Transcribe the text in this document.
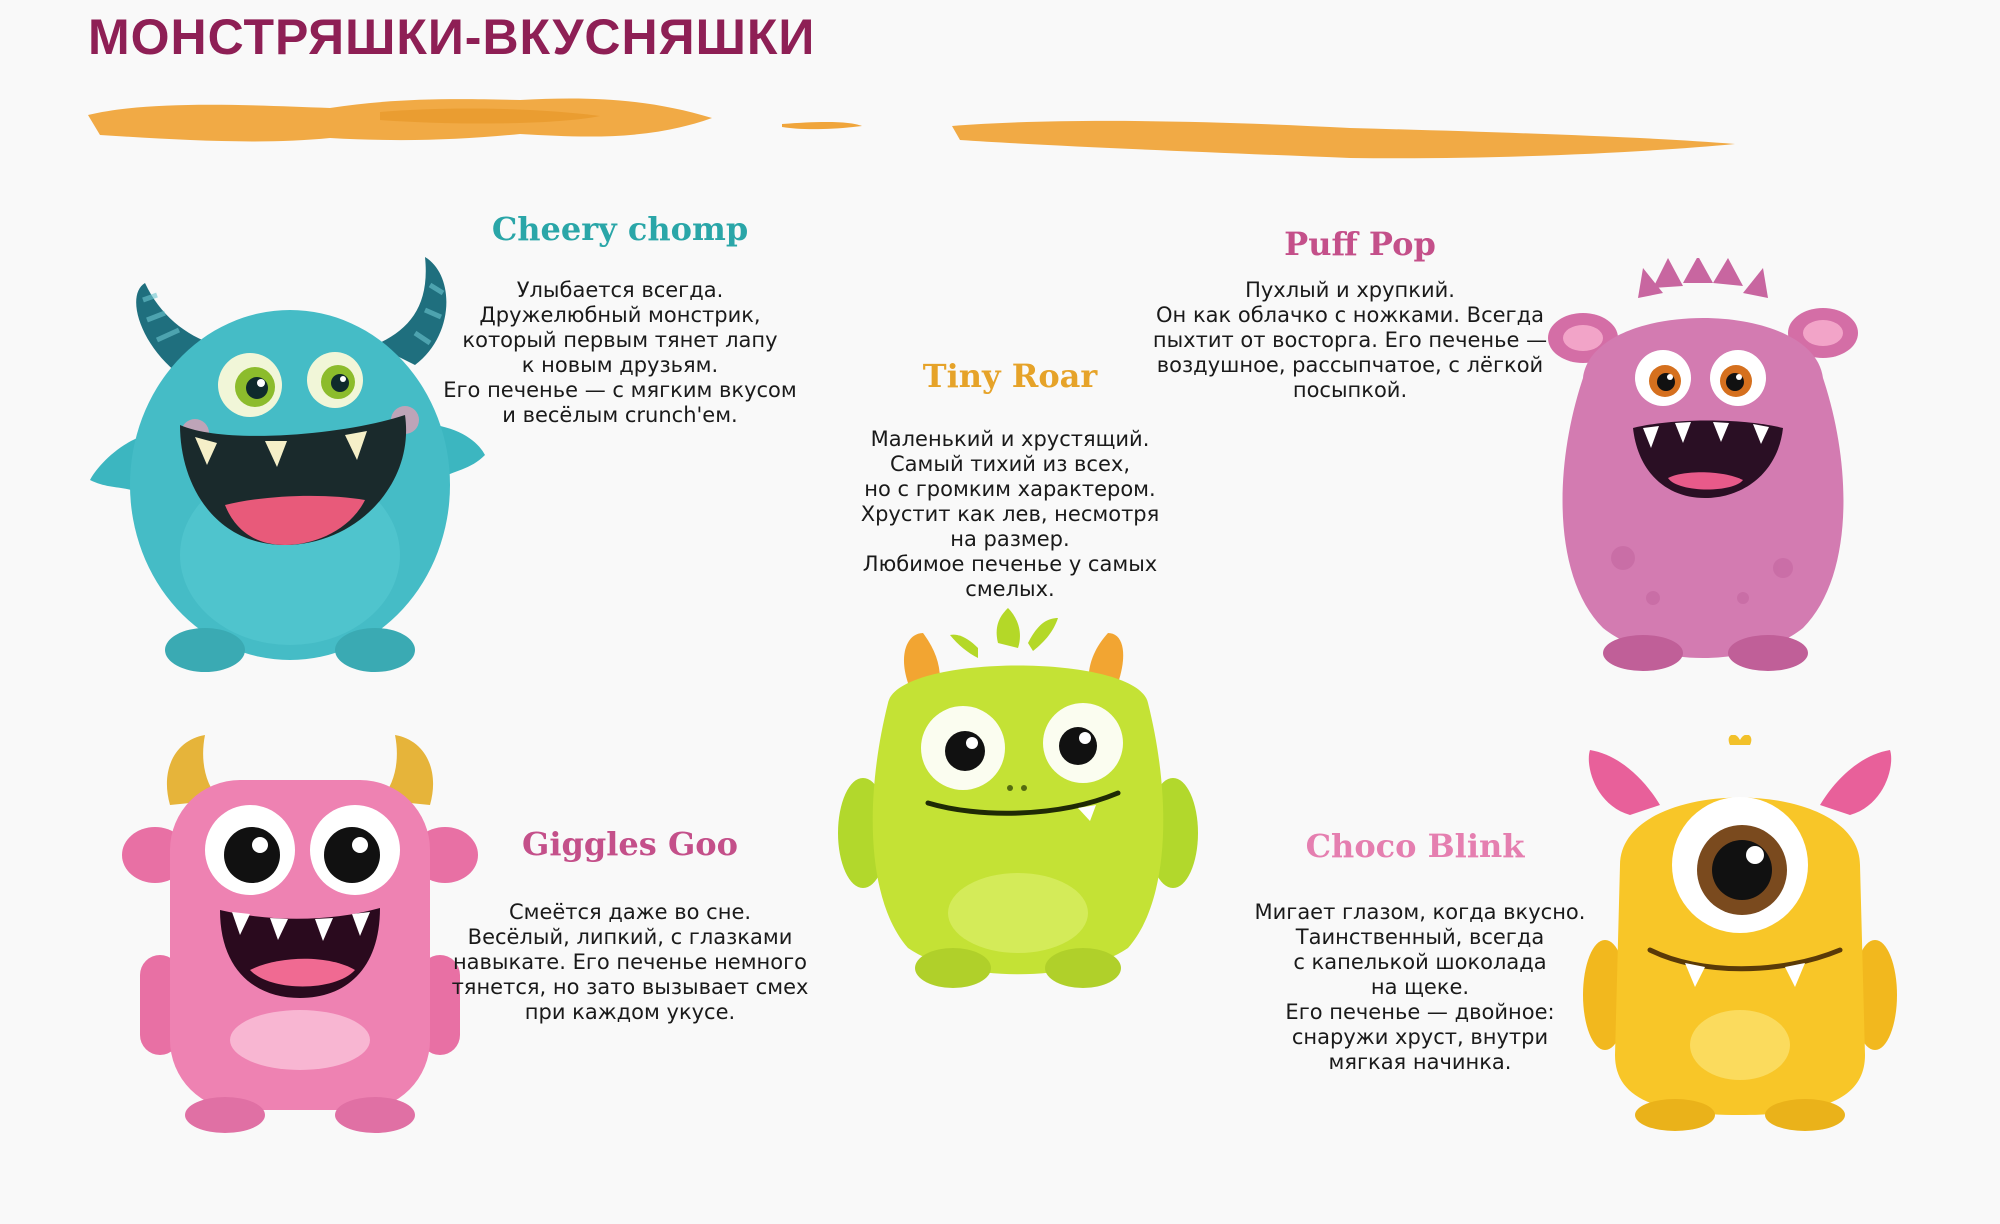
МОНСТРЯШКИ-ВКУСНЯШКИ
Cheery chomp
Улыбается всегда.
Дружелюбный монстрик,
который первым тянет лапу
к новым друзьям.
Его печенье — с мягким вкусом
и весёлым crunch'ем.
Tiny Roar
Маленький и хрустящий.
Самый тихий из всех,
но с громким характером.
Хрустит как лев, несмотря
на размер.
Любимое печенье у самых
смелых.
Puff Pop
Пухлый и хрупкий.
Он как облачко с ножками. Всегда
пыхтит от восторга. Его печенье —
воздушное, рассыпчатое, с лёгкой
посыпкой.
Giggles Goo
Смеётся даже во сне.
Весёлый, липкий, с глазками
навыкате. Его печенье немного
тянется, но зато вызывает смех
при каждом укусе.
Choco Blink
Мигает глазом, когда вкусно.
Таинственный, всегда
с капелькой шоколада
на щеке.
Его печенье — двойное:
снаружи хруст, внутри
мягкая начинка.
